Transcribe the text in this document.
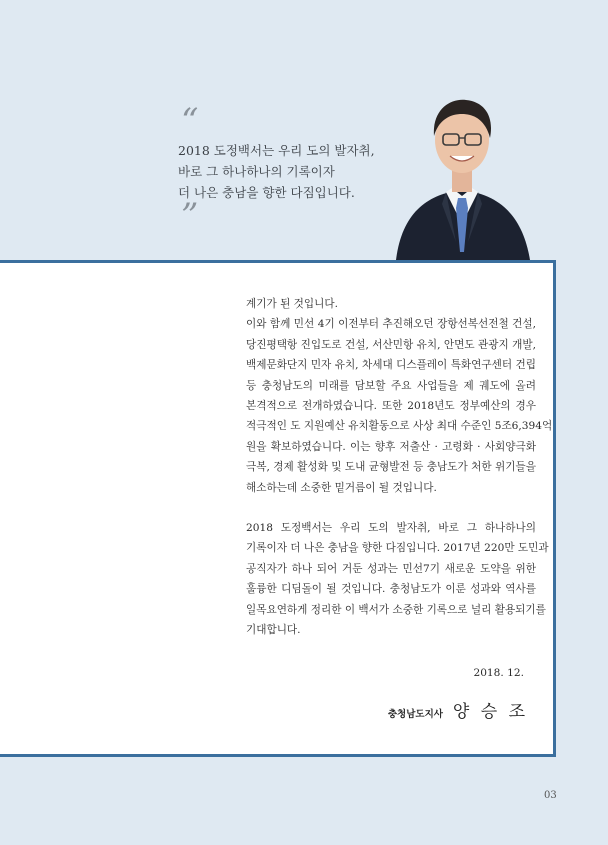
“
2018 도정백서는 우리 도의 발자취,
바로 그 하나하나의 기록이자
더 나은 충남을 향한 다짐입니다.
”
계기가 된 것입니다.
이와 함께 민선 4기 이전부터 추진해오던 장항선복선전철 건설,
당진평택항 진입도로 건설, 서산민항 유치, 안면도 관광지 개발,
백제문화단지 민자 유치, 차세대 디스플레이 특화연구센터 건립
등 충청남도의 미래를 담보할 주요 사업들을 제 궤도에 올려
본격적으로 전개하였습니다. 또한 2018년도 정부예산의 경우
적극적인 도 지원예산 유치활동으로 사상 최대 수준인 5조6,394억
원을 확보하였습니다. 이는 향후 저출산 · 고령화 · 사회양극화
극복, 경제 활성화 및 도내 균형발전 등 충남도가 처한 위기들을
해소하는데 소중한 밑거름이 될 것입니다.
2018 도정백서는 우리 도의 발자취, 바로 그 하나하나의
기록이자 더 나은 충남을 향한 다짐입니다. 2017년 220만 도민과
공직자가 하나 되어 거둔 성과는 민선7기 새로운 도약을 위한
훌륭한 디딤돌이 될 것입니다. 충청남도가 이룬 성과와 역사를
일목요연하게 정리한 이 백서가 소중한 기록으로 널리 활용되기를
기대합니다.
2018. 12.
충청남도지사 양 승 조
03
